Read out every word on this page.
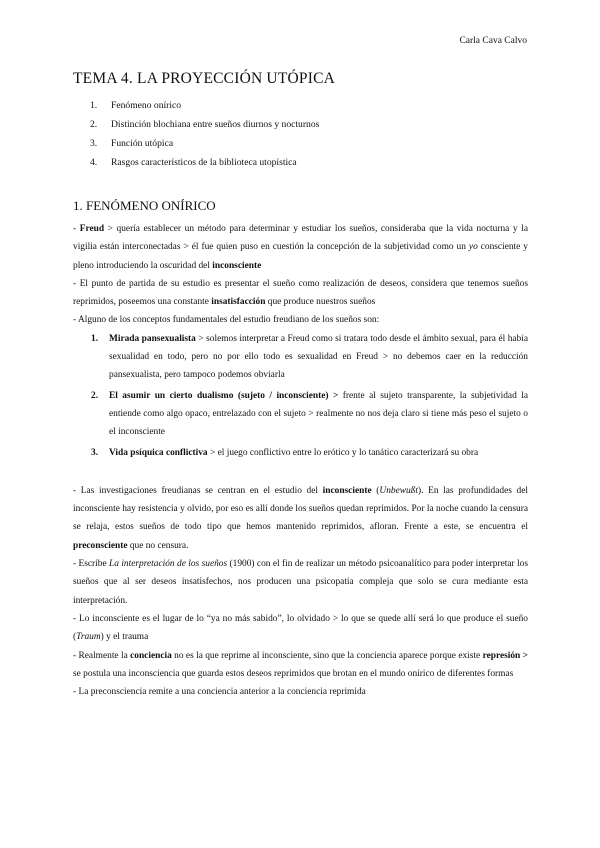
Carla Cava Calvo
TEMA 4. LA PROYECCIÓN UTÓPICA
1. Fenómeno onírico
2. Distinción blochiana entre sueños diurnos y nocturnos
3. Función utópica
4. Rasgos característicos de la biblioteca utopística
1. FENÓMENO ONÍRICO

- Freud > quería establecer un método para determinar y estudiar los sueños, consideraba que la vida nocturna y la vigilia están interconectadas > él fue quien puso en cuestión la concepción de la subjetividad como un yo consciente y pleno introduciendo la oscuridad del inconsciente

- El punto de partida de su estudio es presentar el sueño como realización de deseos, considera que tenemos sueños reprimidos, poseemos una constante insatisfacción que produce nuestros sueños

- Alguno de los conceptos fundamentales del estudio freudiano de los sueños son:

1. Mirada pansexualista > solemos interpretar a Freud como si tratara todo desde el ámbito sexual, para él había sexualidad en todo, pero no por ello todo es sexualidad en Freud > no debemos caer en la reducción pansexualista, pero tampoco podemos obviarla
2. El asumir un cierto dualismo (sujeto / inconsciente) > frente al sujeto transparente, la subjetividad la entiende como algo opaco, entrelazado con el sujeto > realmente no nos deja claro si tiene más peso el sujeto o el inconsciente
3. Vida psíquica conflictiva > el juego conflictivo entre lo erótico y lo tanático caracterizará su obra

- Las investigaciones freudianas se centran en el estudio del inconsciente (Unbewußt). En las profundidades del inconsciente hay resistencia y olvido, por eso es allí donde los sueños quedan reprimidos. Por la noche cuando la censura se relaja, estos sueños de todo tipo que hemos mantenido reprimidos, afloran. Frente a este, se encuentra el preconsciente que no censura.

- Escribe La interpretación de los sueños (1900) con el fin de realizar un método psicoanalítico para poder interpretar los sueños que al ser deseos insatisfechos, nos producen una psicopatía compleja que solo se cura mediante esta interpretación.

- Lo inconsciente es el lugar de lo “ya no más sabido”, lo olvidado > lo que se quede allí será lo que produce el sueño (Traum) y el trauma

- Realmente la conciencia no es la que reprime al inconsciente, sino que la conciencia aparece porque existe represión > se postula una inconsciencia que guarda estos deseos reprimidos que brotan en el mundo onírico de diferentes formas

- La preconsciencia remite a una conciencia anterior a la conciencia reprimida
